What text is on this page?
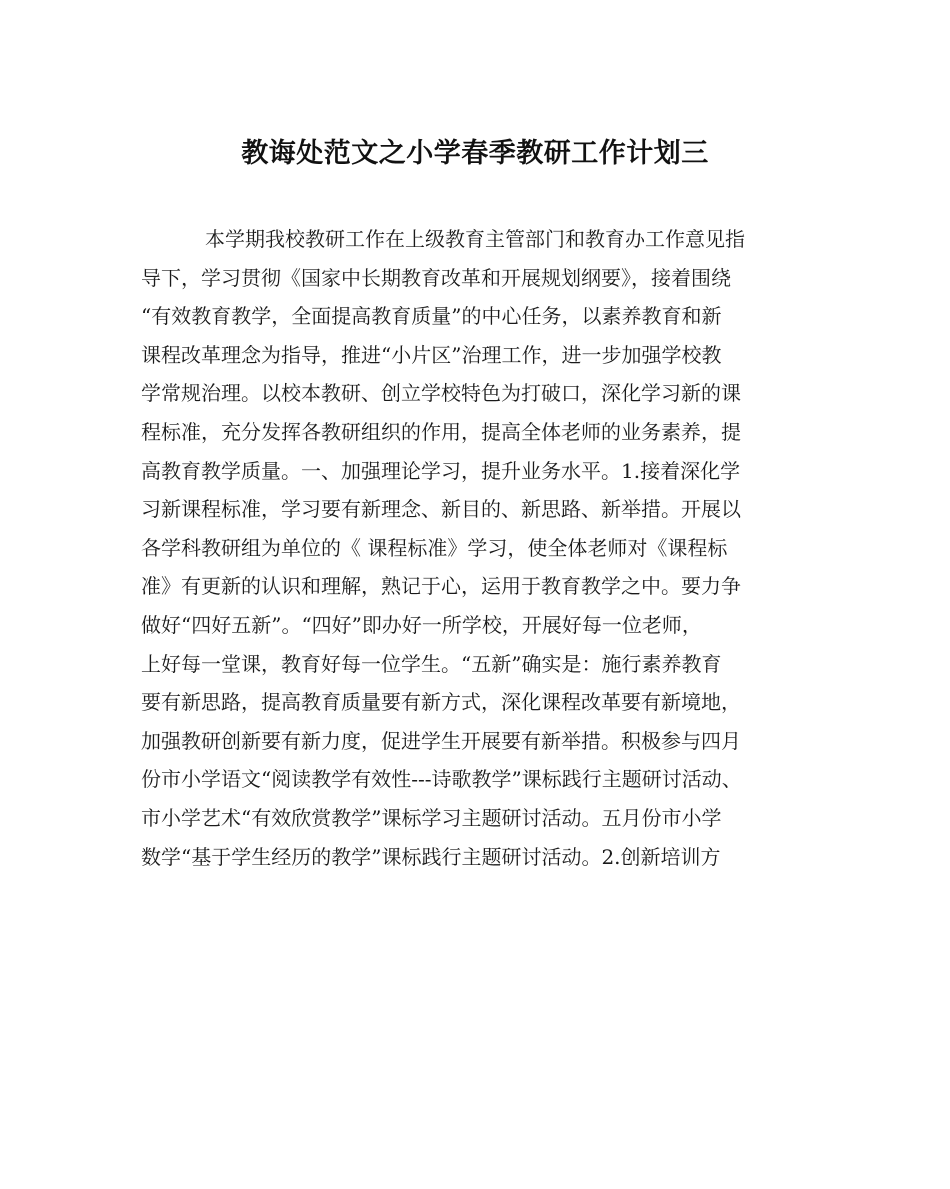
教诲处范文之小学春季教研工作计划三
本学期我校教研工作在上级教育主管部门和教育办工作意见指
导下，学习贯彻《国家中长期教育改革和开展规划纲要》，接着围绕
“有效教育教学，全面提高教育质量”的中心任务，以素养教育和新
课程改革理念为指导，推进“小片区”治理工作，进一步加强学校教
学常规治理。以校本教研、创立学校特色为打破口，深化学习新的课
程标准，充分发挥各教研组织的作用，提高全体老师的业务素养，提
高教育教学质量。一、加强理论学习，提升业务水平。1.接着深化学
习新课程标准，学习要有新理念、新目的、新思路、新举措。开展以
各学科教研组为单位的《 课程标准》学习，使全体老师对《课程标
准》有更新的认识和理解，熟记于心，运用于教育教学之中。要力争
做好“四好五新”。“四好”即办好一所学校，开展好每一位老师，
上好每一堂课，教育好每一位学生。“五新”确实是：施行素养教育
要有新思路，提高教育质量要有新方式，深化课程改革要有新境地，
加强教研创新要有新力度，促进学生开展要有新举措。积极参与四月
份市小学语文“阅读教学有效性---诗歌教学”课标践行主题研讨活动、
市小学艺术“有效欣赏教学”课标学习主题研讨活动。五月份市小学
数学“基于学生经历的教学”课标践行主题研讨活动。2.创新培训方
